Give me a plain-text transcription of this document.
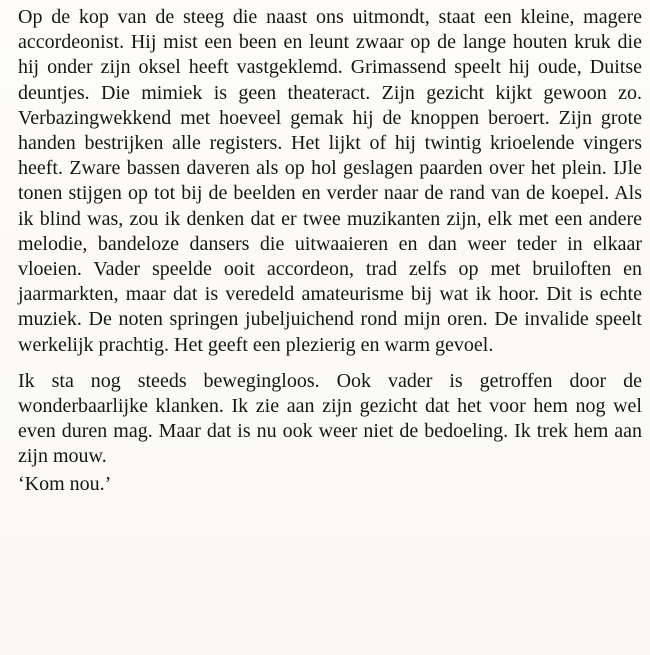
Op de kop van de steeg die naast ons uitmondt, staat een kleine, magere accordeonist. Hij mist een been en leunt zwaar op de lange houten kruk die hij onder zijn oksel heeft vastgeklemd. Grimassend speelt hij oude, Duitse deuntjes. Die mimiek is geen theateract. Zijn gezicht kijkt gewoon zo. Verbazingwekkend met hoeveel gemak hij de knoppen beroert. Zijn grote handen bestrijken alle registers. Het lijkt of hij twintig krioelende vingers heeft. Zware bassen daveren als op hol geslagen paarden over het plein. IJle tonen stijgen op tot bij de beelden en verder naar de rand van de koepel. Als ik blind was, zou ik denken dat er twee muzikanten zijn, elk met een andere melodie, bandeloze dansers die uitwaaieren en dan weer teder in elkaar vloeien. Vader speelde ooit accordeon, trad zelfs op met bruiloften en jaarmarkten, maar dat is veredeld amateurisme bij wat ik hoor. Dit is echte muziek. De noten springen jubeljuichend rond mijn oren. De invalide speelt werkelijk prachtig. Het geeft een plezierig en warm gevoel.

Ik sta nog steeds bewegingloos. Ook vader is getroffen door de wonderbaarlijke klanken. Ik zie aan zijn gezicht dat het voor hem nog wel even duren mag. Maar dat is nu ook weer niet de bedoeling. Ik trek hem aan zijn mouw.

‘Kom nou.’
